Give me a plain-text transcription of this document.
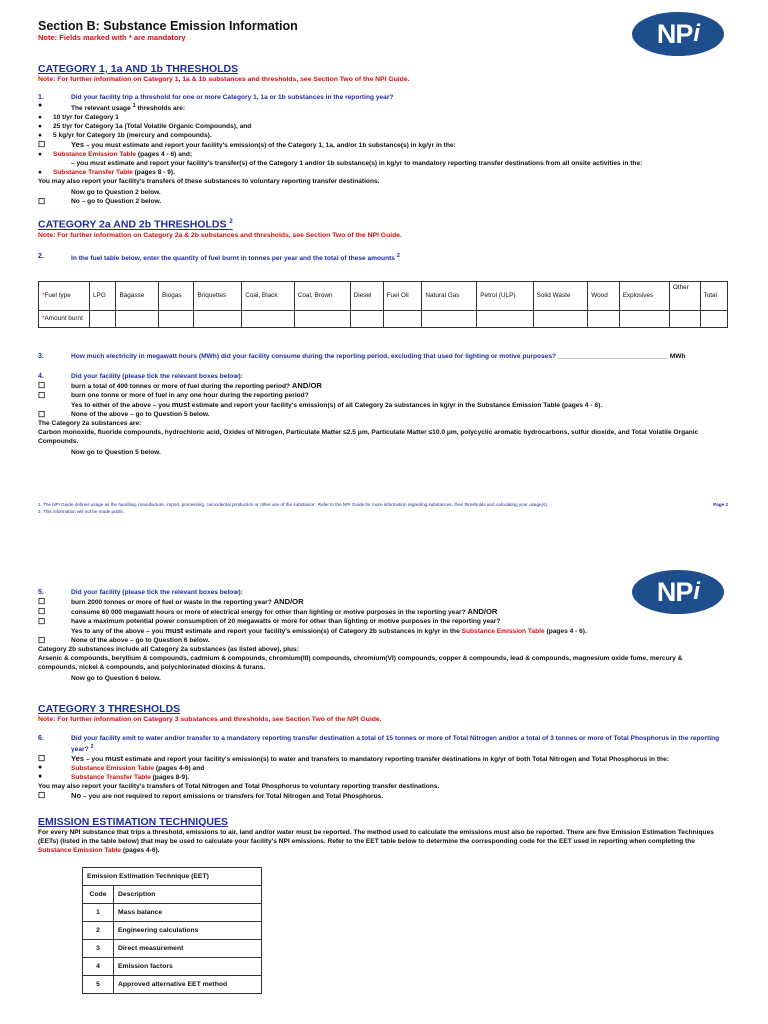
NP i
Section B: Substance Emission Information
Note: Fields marked with * are mandatory
CATEGORY 1, 1a AND 1b THRESHOLDS
Note: For further information on Category 1, 1a & 1b substances and thresholds, see Section Two of the NPI Guide.
1.	Did your facility trip a threshold for one or more Category 1, 1a or 1b substances in the reporting year?
●	The relevant usage $^1$ thresholds are:
●	10 t/yr for Category 1
●	25 t/yr for Category 1a (Total Volatile Organic Compounds), and
●	5 kg/yr for Category 1b (mercury and compounds).
☐	Yes – you must estimate and report your facility's emission(s) of the Category 1, 1a, and/or 1b substance(s) in kg/yr in the:
●	Substance Emission Table (pages 4 - 6) and;
– you must estimate and report your facility's transfer(s) of the Category 1 and/or 1b substance(s) in kg/yr to mandatory reporting transfer destinations from all onsite activities in the:
●	Substance Transfer Table (pages 8 - 9).
You may also report your facility's transfers of these substances to voluntary reporting transfer destinations.
Now go to Question 2 below.
☐	No – go to Question 2 below.
CATEGORY 2a AND 2b THRESHOLDS $^2$
Note: For further information on Category 2a & 2b substances and thresholds, see Section Two of the NPI Guide.
2.	In the fuel table below, enter the quantity of fuel burnt in tonnes per year and the total of these amounts $^2$
*Fuel type	LPG	Bagasse	Biogas	Briquettes	Coal, Black	Coal, Brown	Diesel	Fuel Oil	Natural Gas	Petrol (ULP)	Solid Waste	Wood	Explosives	Other	Total
*Amount burnt															
3.	How much electricity in megawatt hours (MWh) did your facility consume during the reporting period, excluding that used for lighting or motive purposes? ______________________________ MWh
4.	Did your facility (please tick the relevant boxes below):
☐	burn a total of 400 tonnes or more of fuel during the reporting period? AND/OR
☐	burn one tonne or more of fuel in any one hour during the reporting period?
Yes to either of the above – you must estimate and report your facility's emission(s) of all Category 2a substances in kg/yr in the Substance Emission Table (pages 4 - 6).
☐	None of the above – go to Question 5 below.
The Category 2a substances are:
Carbon monoxide, fluoride compounds, hydrochloric acid, Oxides of Nitrogen, Particulate Matter ≤2.5 μm, Particulate Matter ≤10.0 μm, polycyclic aromatic hydrocarbons, sulfur dioxide, and Total Volatile Organic Compounds.
Now go to Question 5 below.
1. The NPI Guide defines usage as the handling, manufacture, import, processing, coincidental production or other use of the substance'. Refer to the NPI Guide for more information regarding substances, their thresholds and calculating your usage(s).	Page 2
2. This information will not be made public.
NP i
5.	Did your facility (please tick the relevant boxes below):
☐	burn 2000 tonnes or more of fuel or waste in the reporting year? AND/OR
☐	consume 60 000 megawatt hours or more of electrical energy for other than lighting or motive purposes in the reporting year? AND/OR
☐	have a maximum potential power consumption of 20 megawatts or more for other than lighting or motive purposes in the reporting year?
Yes to any of the above – you must estimate and report your facility's emission(s) of Category 2b substances in kg/yr in the Substance Emission Table (pages 4 - 6).
☐	None of the above – go to Question 6 below.
Category 2b substances include all Category 2a substances (as listed above), plus:
Arsenic & compounds, beryllium & compounds, cadmium & compounds, chromium(III) compounds, chromium(VI) compounds, copper & compounds, lead & compounds, magnesium oxide fume, mercury & compounds, nickel & compounds, and polychlorinated dioxins & furans.
Now go to Question 6 below.
CATEGORY 3 THRESHOLDS
Note: For further information on Category 3 substances and thresholds, see Section Two of the NPI Guide.
6.	Did your facility emit to water and/or transfer to a mandatory reporting transfer destination a total of 15 tonnes or more of Total Nitrogen and/or a total of 3 tonnes or more of Total Phosphorus in the reporting year? $^2$
☐	Yes – you must estimate and report your facility's emission(s) to water and transfers to mandatory reporting transfer destinations in kg/yr of both Total Nitrogen and Total Phosphorus in the:
●	Substance Emission Table (pages 4-6) and
●	Substance Transfer Table (pages 8-9).
You may also report your facility's transfers of Total Nitrogen and Total Phosphorus to voluntary reporting transfer destinations.
☐	No – you are not required to report emissions or transfers for Total Nitrogen and Total Phosphorus.
EMISSION ESTIMATION TECHNIQUES
For every NPI substance that trips a threshold, emissions to air, land and/or water must be reported. The method used to calculate the emissions must also be reported. There are five Emission Estimation Techniques (EETs) (listed in the table below) that may be used to calculate your facility's NPI emissions. Refer to the EET table below to determine the corresponding code for the EET used in reporting when completing the Substance Emission Table (pages 4-6).
Emission Estimation Technique (EET)	
Code	Description
1	Mass balance
2	Engineering calculations
3	Direct measurement
4	Emission factors
5	Approved alternative EET method
